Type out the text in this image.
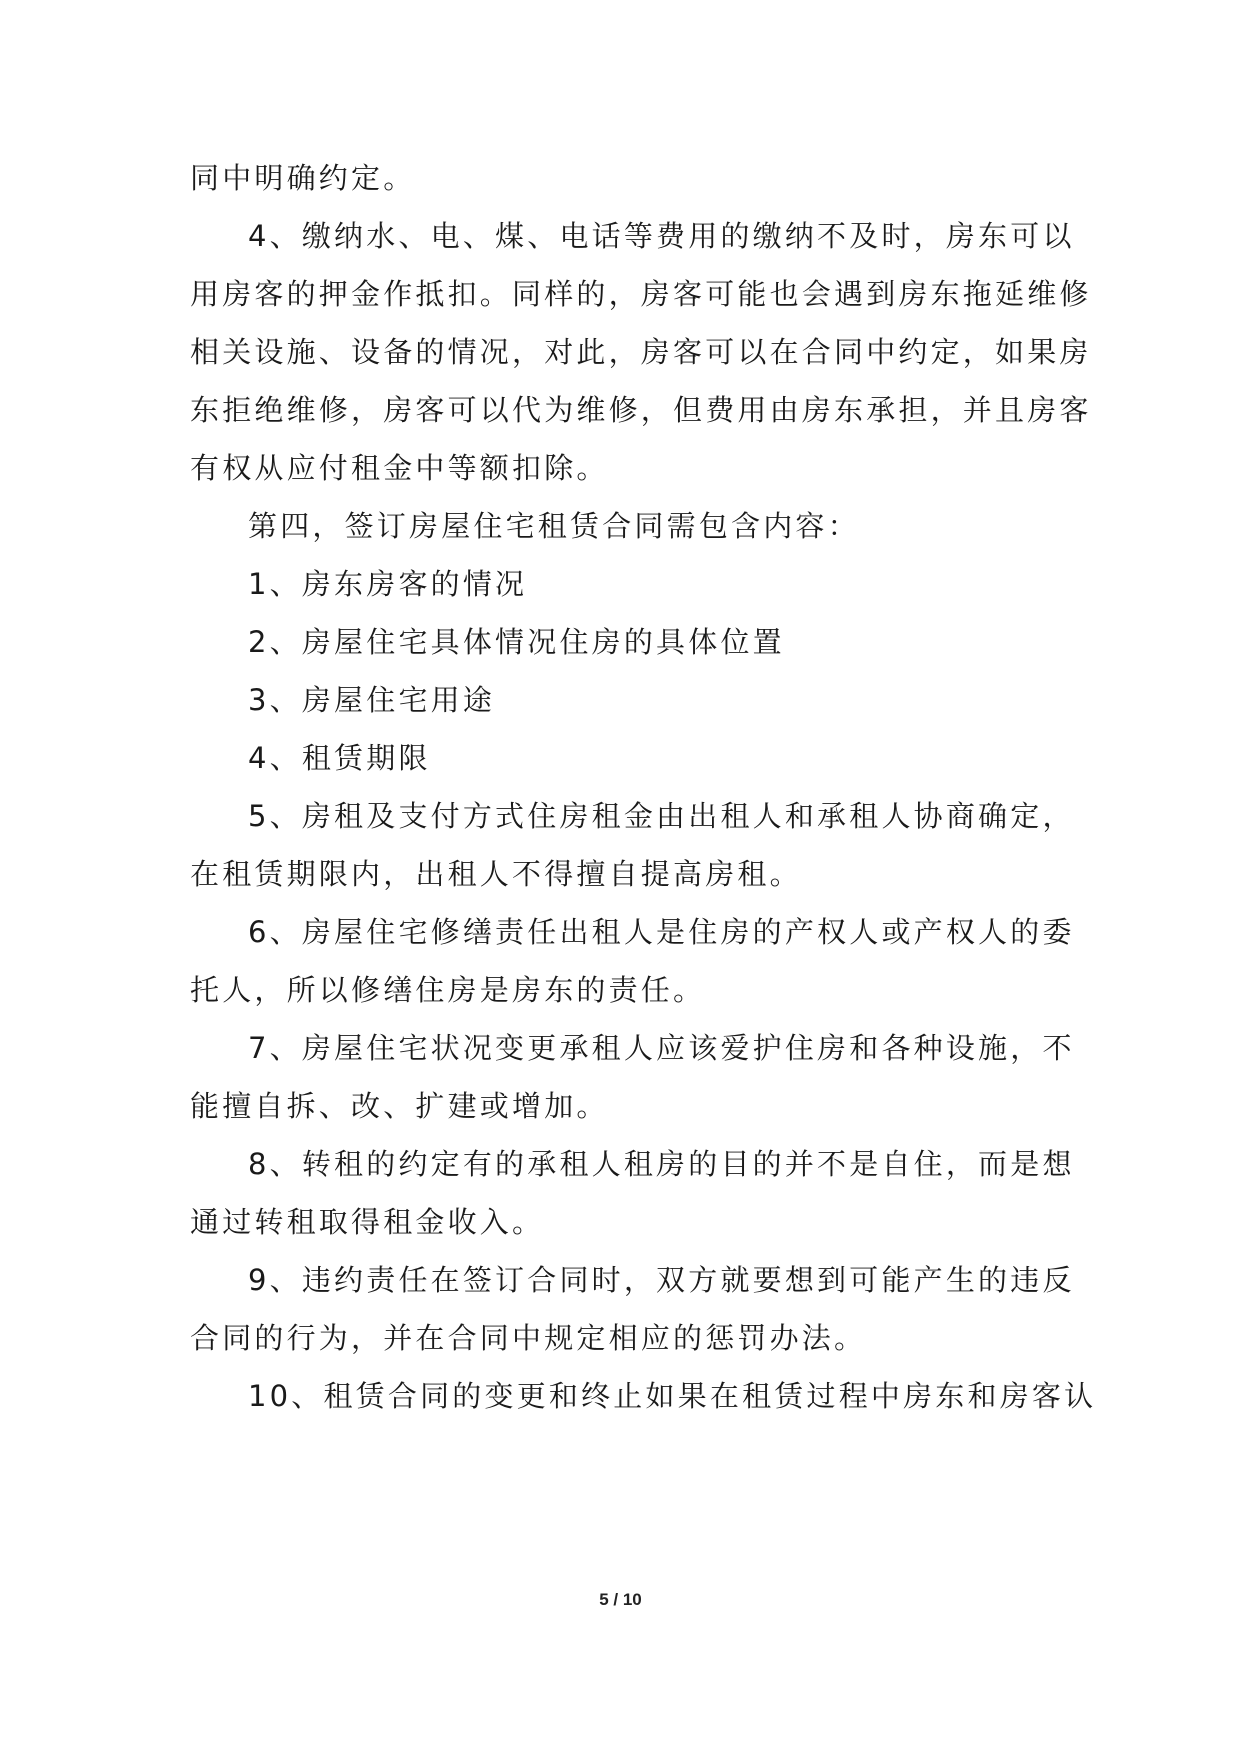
同中明确约定。
4、缴纳水、电、煤、电话等费用的缴纳不及时，房东可以
用房客的押金作抵扣。同样的，房客可能也会遇到房东拖延维修
相关设施、设备的情况，对此，房客可以在合同中约定，如果房
东拒绝维修，房客可以代为维修，但费用由房东承担，并且房客
有权从应付租金中等额扣除。
第四，签订房屋住宅租赁合同需包含内容：
1、房东房客的情况
2、房屋住宅具体情况住房的具体位置
3、房屋住宅用途
4、租赁期限
5、房租及支付方式住房租金由出租人和承租人协商确定，
在租赁期限内，出租人不得擅自提高房租。
6、房屋住宅修缮责任出租人是住房的产权人或产权人的委
托人，所以修缮住房是房东的责任。
7、房屋住宅状况变更承租人应该爱护住房和各种设施，不
能擅自拆、改、扩建或增加。
8、转租的约定有的承租人租房的目的并不是自住，而是想
通过转租取得租金收入。
9、违约责任在签订合同时，双方就要想到可能产生的违反
合同的行为，并在合同中规定相应的惩罚办法。
10、租赁合同的变更和终止如果在租赁过程中房东和房客认
5 / 10
